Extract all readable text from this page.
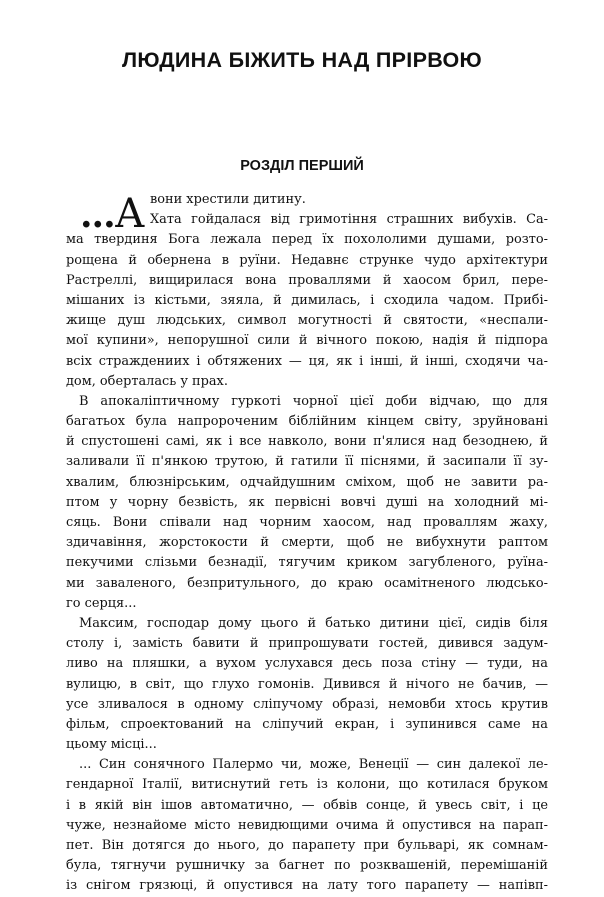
ЛЮДИНА БІЖИТЬ НАД ПРІРВОЮ
РОЗДІЛ ПЕРШИЙ
...А вони хрестили дитину.
Хата гойдалася від гримотіння страшних вибухів. Са-
ма твердиня Бога лежала перед їх похололими душами, розто-
рощена й обернена в руїни. Недавнє струнке чудо архітектури
Растреллі, вищирилася вона проваллями й хаосом брил, пере-
мішаних із кістьми, зяяла, й димилась, і сходила чадом. Прибі-
жище душ людських, символ могутності й святости, «неспали-
мої купини», непорушної сили й вічного покою, надія й підпора
всіх страждениих і обтяжених — ця, як і інші, й інші, сходячи ча-
дом, оберталась у прах.
В апокаліптичному гуркоті чорної цієї доби відчаю, що для
багатьох була напророченим біблійним кінцем світу, зруйновані
й спустошені самі, як і все навколо, вони п'ялися над безоднею, й
заливали її п'янкою трутою, й гатили її піснями, й засипали її зу-
хвалим, блюзнірським, одчайдушним сміхом, щоб не завити ра-
птом у чорну безвість, як первісні вовчі душі на холодний мі-
сяць. Вони співали над чорним хаосом, над проваллям жаху,
здичавіння, жорстокости й смерти, щоб не вибухнути раптом
пекучими слізьми безнадії, тягучим криком загубленого, руїна-
ми заваленого, безпритульного, до краю осамітненого людсько-
го серця...
Максим, господар дому цього й батько дитини цієї, сидів біля
столу і, замість бавити й припрошувати гостей, дивився задум-
ливо на пляшки, а вухом услухався десь поза стіну — туди, на
вулицю, в світ, що глухо гомонів. Дивився й нічого не бачив, —
усе зливалося в одному сліпучому образі, немовби хтось крутив
фільм, спроектований на сліпучий екран, і зупинився саме на
цьому місці...
... Син сонячного Палермо чи, може, Венеції — син далекої ле-
гендарної Італії, витиснутий геть із колони, що котилася бруком
і в якій він ішов автоматично, — обвів сонце, й увесь світ, і це
чуже, незнайоме місто невидющими очима й опустився на парап-
пет. Він дотягся до нього, до парапету при бульварі, як сомнам-
була, тягнучи рушничку за багнет по розквашеній, перемішаній
із снігом грязюці, й опустився на лату того парапету — напівп-
